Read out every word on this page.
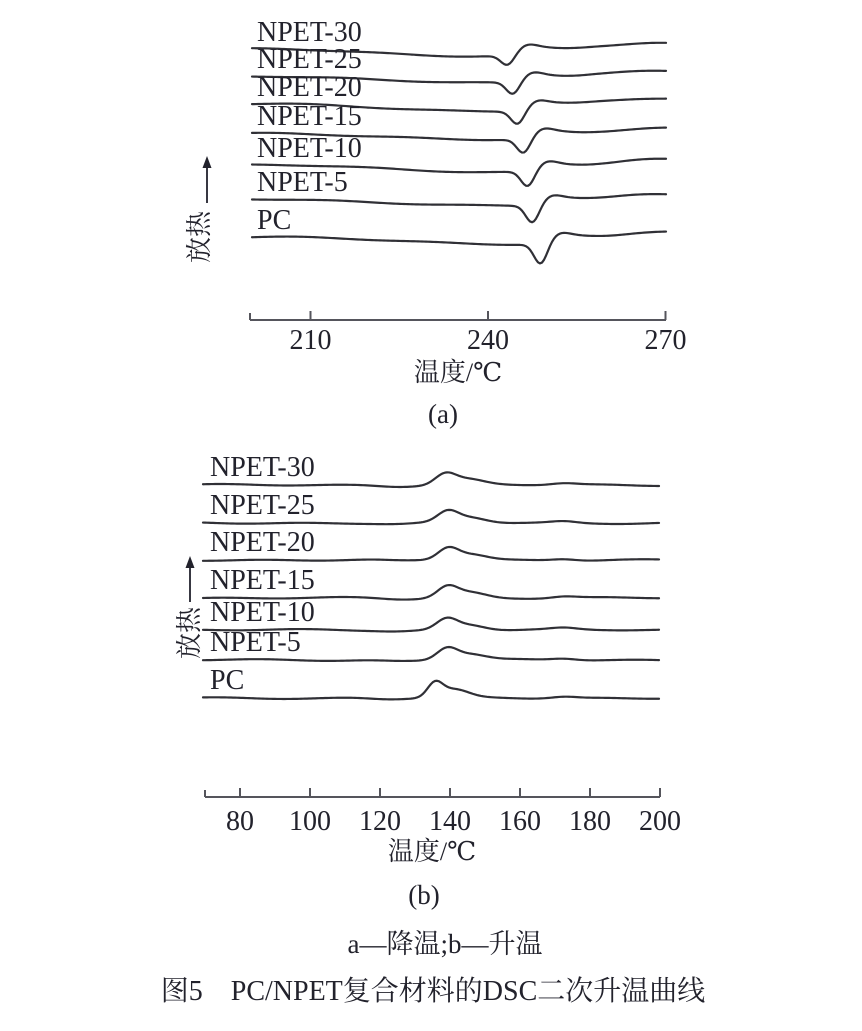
NPET-30
NPET-25
NPET-20
NPET-15
NPET-10
NPET-5
PC
210	240	270
放热
温度/℃
(a)
NPET-30
NPET-25
NPET-20
NPET-15
NPET-10
NPET-5
PC
80 100 120 140 160 180 200
放热
温度/℃
(b)
a—降温;b—升温
图5　PC/NPET复合材料的DSC二次升温曲线
